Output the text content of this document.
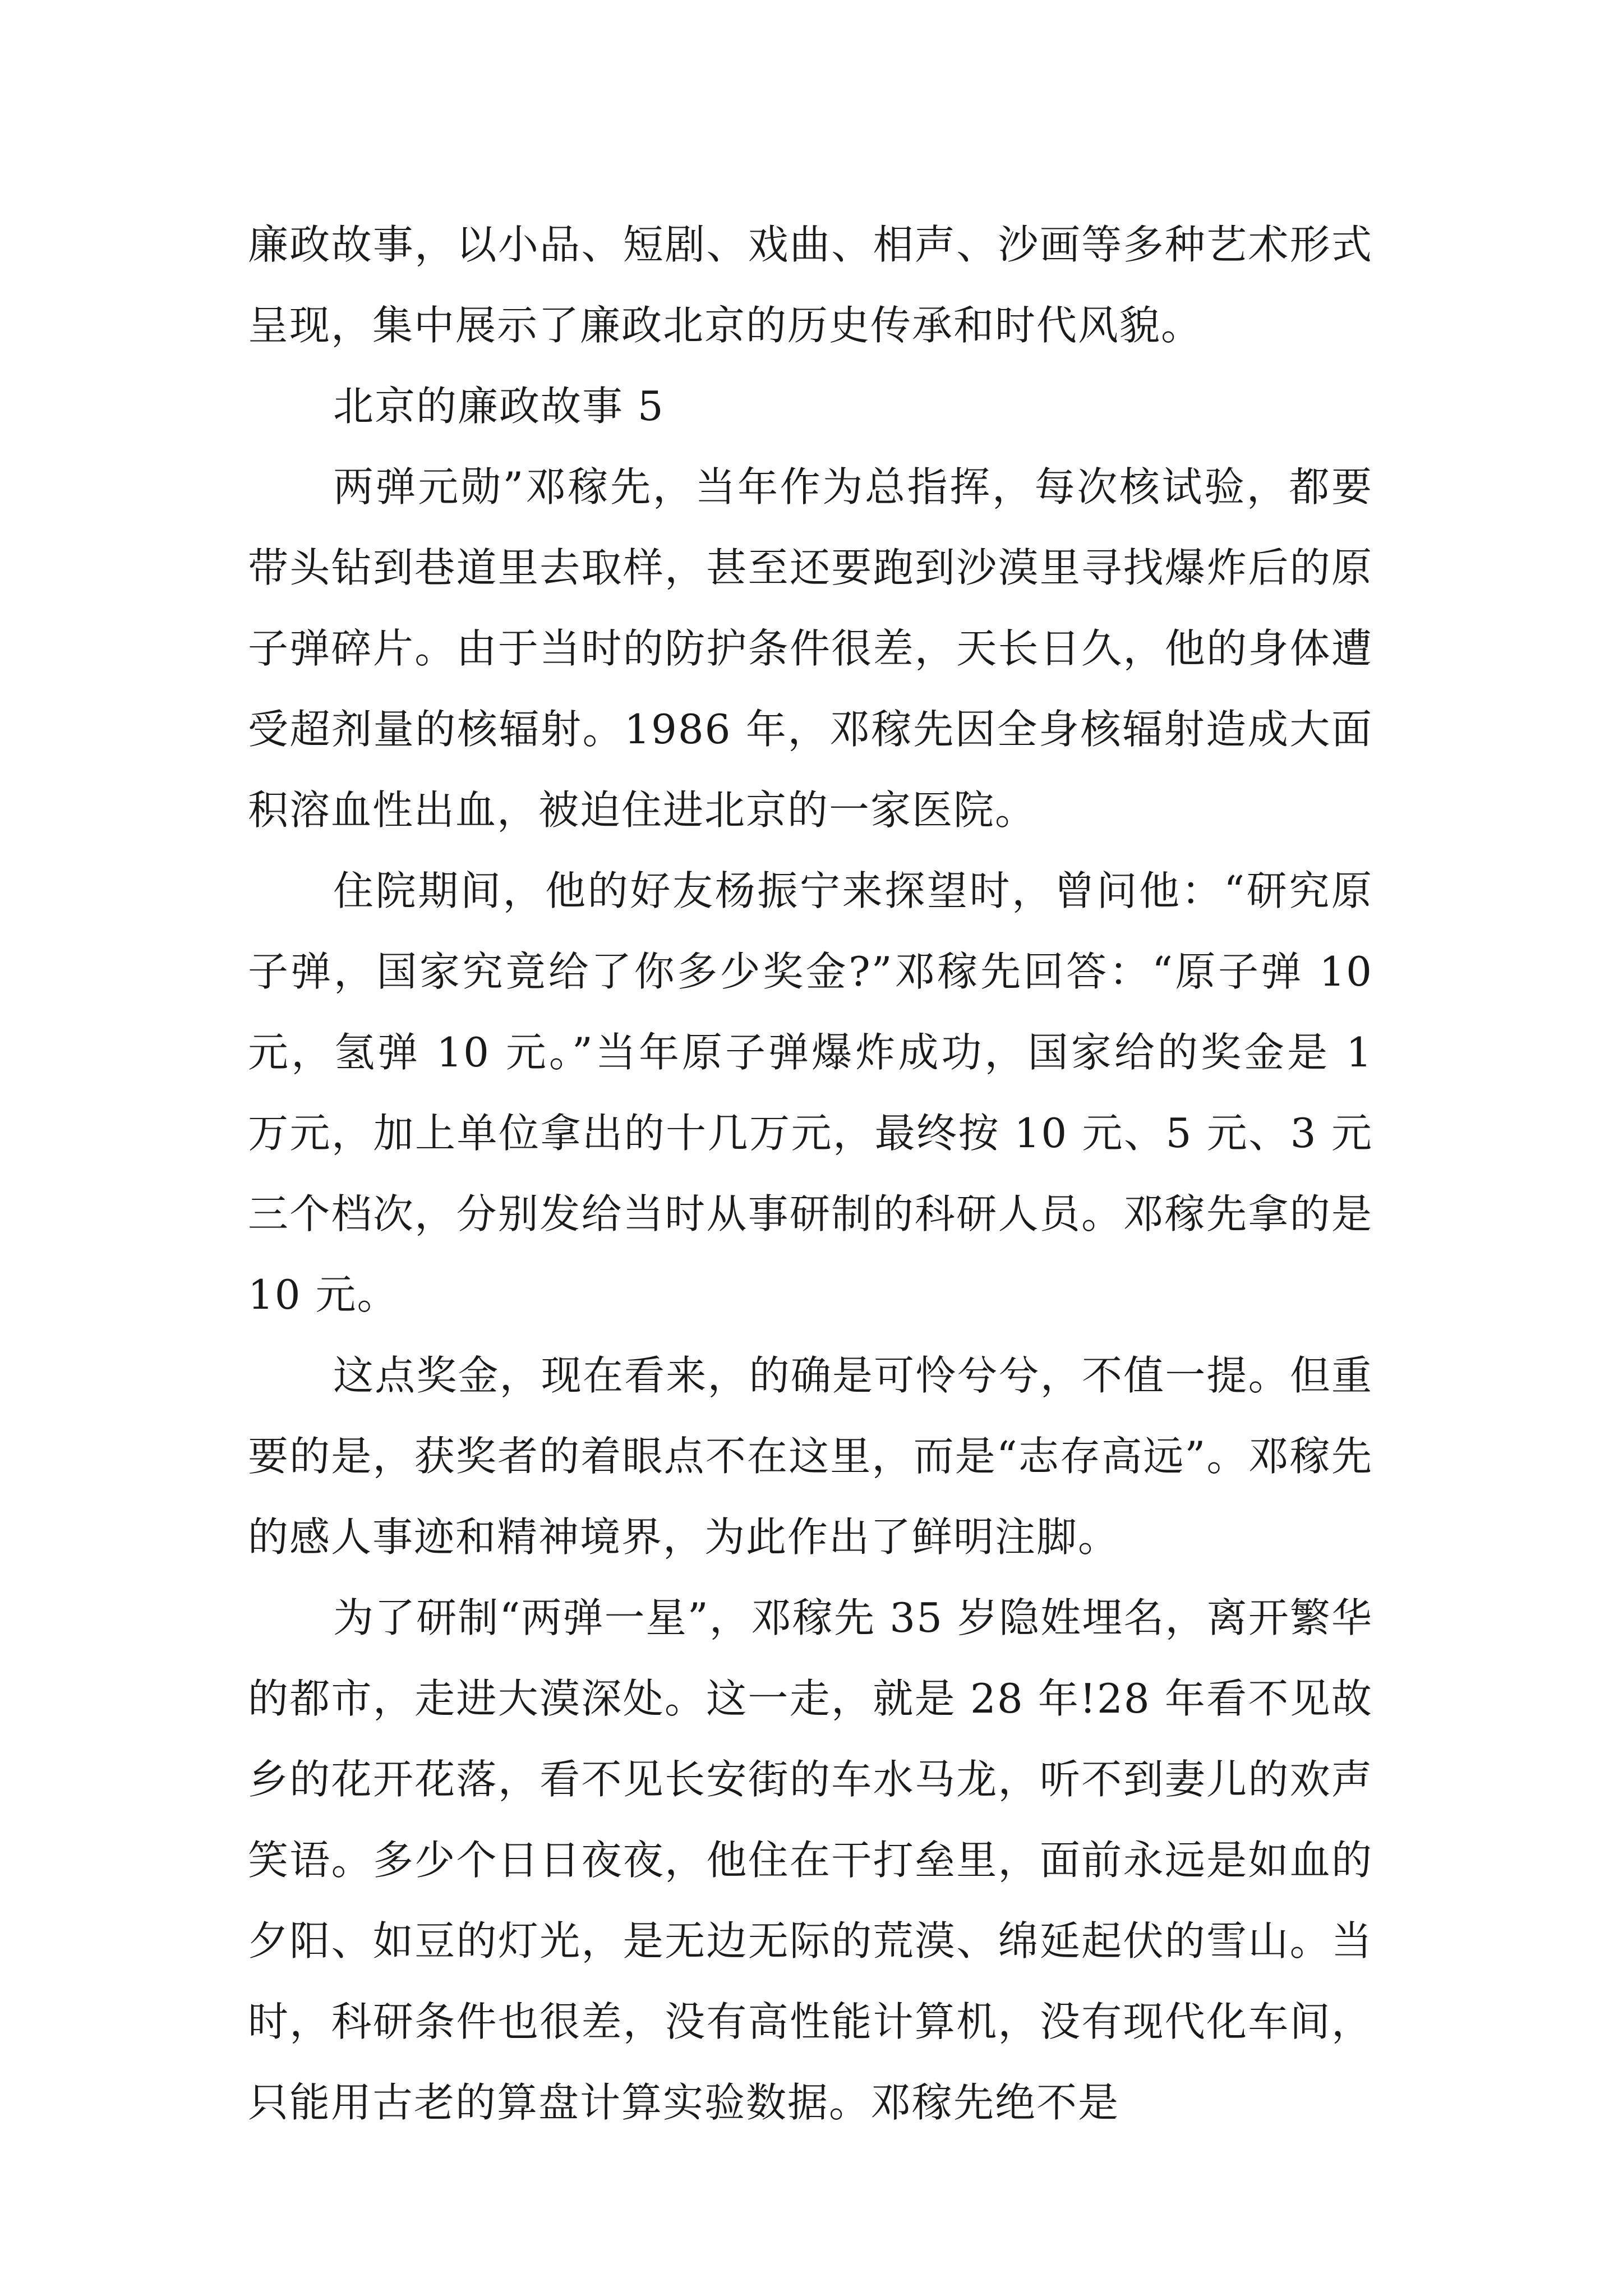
廉政故事，以小品、短剧、戏曲、相声、沙画等多种艺术形式呈现，集中展示了廉政北京的历史传承和时代风貌。

北京的廉政故事 5

两弹元勋”邓稼先，当年作为总指挥，每次核试验，都要带头钻到巷道里去取样，甚至还要跑到沙漠里寻找爆炸后的原子弹碎片。由于当时的防护条件很差，天长日久，他的身体遭受超剂量的核辐射。1986 年，邓稼先因全身核辐射造成大面积溶血性出血，被迫住进北京的一家医院。

住院期间，他的好友杨振宁来探望时，曾问他：“研究原子弹，国家究竟给了你多少奖金?”邓稼先回答：“原子弹 10 元，氢弹 10 元。”当年原子弹爆炸成功，国家给的奖金是 1 万元，加上单位拿出的十几万元，最终按 10 元、5 元、3 元三个档次，分别发给当时从事研制的科研人员。邓稼先拿的是 10 元。

这点奖金，现在看来，的确是可怜兮兮，不值一提。但重要的是，获奖者的着眼点不在这里，而是“志存高远”。邓稼先的感人事迹和精神境界，为此作出了鲜明注脚。

为了研制“两弹一星”，邓稼先 35 岁隐姓埋名，离开繁华的都市，走进大漠深处。这一走，就是 28 年!28 年看不见故乡的花开花落，看不见长安街的车水马龙，听不到妻儿的欢声笑语。多少个日日夜夜，他住在干打垒里，面前永远是如血的夕阳、如豆的灯光，是无边无际的荒漠、绵延起伏的雪山。当时，科研条件也很差，没有高性能计算机，没有现代化车间，只能用古老的算盘计算实验数据。邓稼先绝不是
